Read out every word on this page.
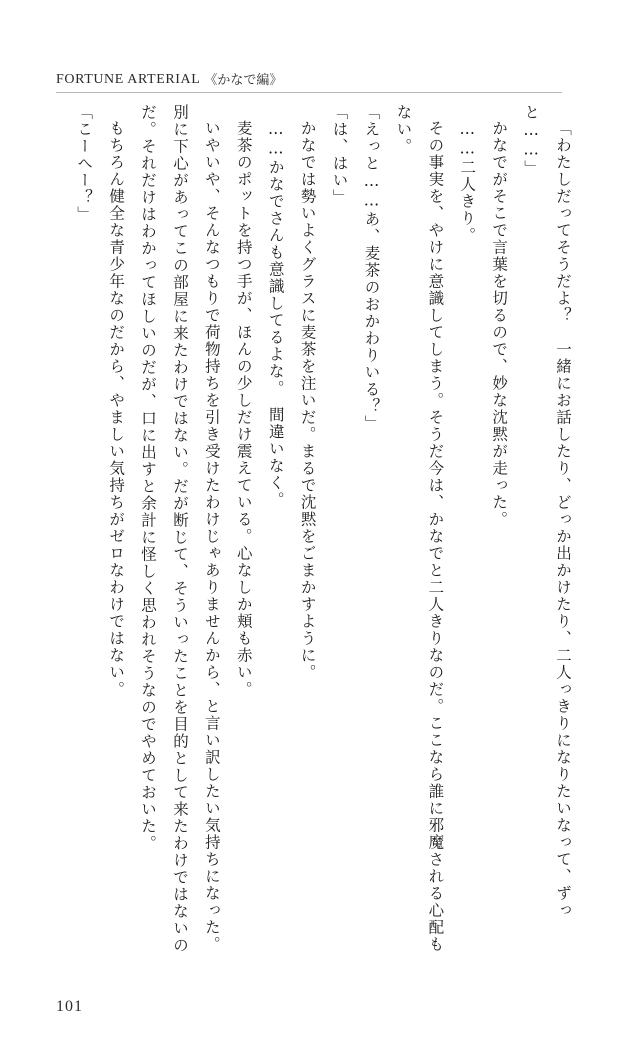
FORTUNE ARTERIAL 《かなで編》

「わたしだってそうだよ？　一緒にお話したり、どっか出かけたり、二人っきりになりたいなって、ずっと……」

かなでがそこで言葉を切るので、妙な沈黙が走った。

……二人きり。

その事実を、やけに意識してしまう。そうだ今は、かなでと二人きりなのだ。ここなら誰に邪魔される心配もない。

「えっと……あ、麦茶のおかわりいる？」

「は、はい」

かなでは勢いよくグラスに麦茶を注いだ。まるで沈黙をごまかすように。

……かなでさんも意識してるよな。　間違いなく。

麦茶のポットを持つ手が、ほんの少しだけ震えている。心なしか頬も赤い。

いやいや、そんなつもりで荷物持ちを引き受けたわけじゃありませんから、と言い訳したい気持ちになった。別に下心があってこの部屋に来たわけではない。だが断じて、そういったことを目的として来たわけではないのだ。それだけはわかってほしいのだが、口に出すと余計に怪しく思われそうなのでやめておいた。

もちろん健全な青少年なのだから、やましい気持ちがゼロなわけではない。

「こーへー？」

101
